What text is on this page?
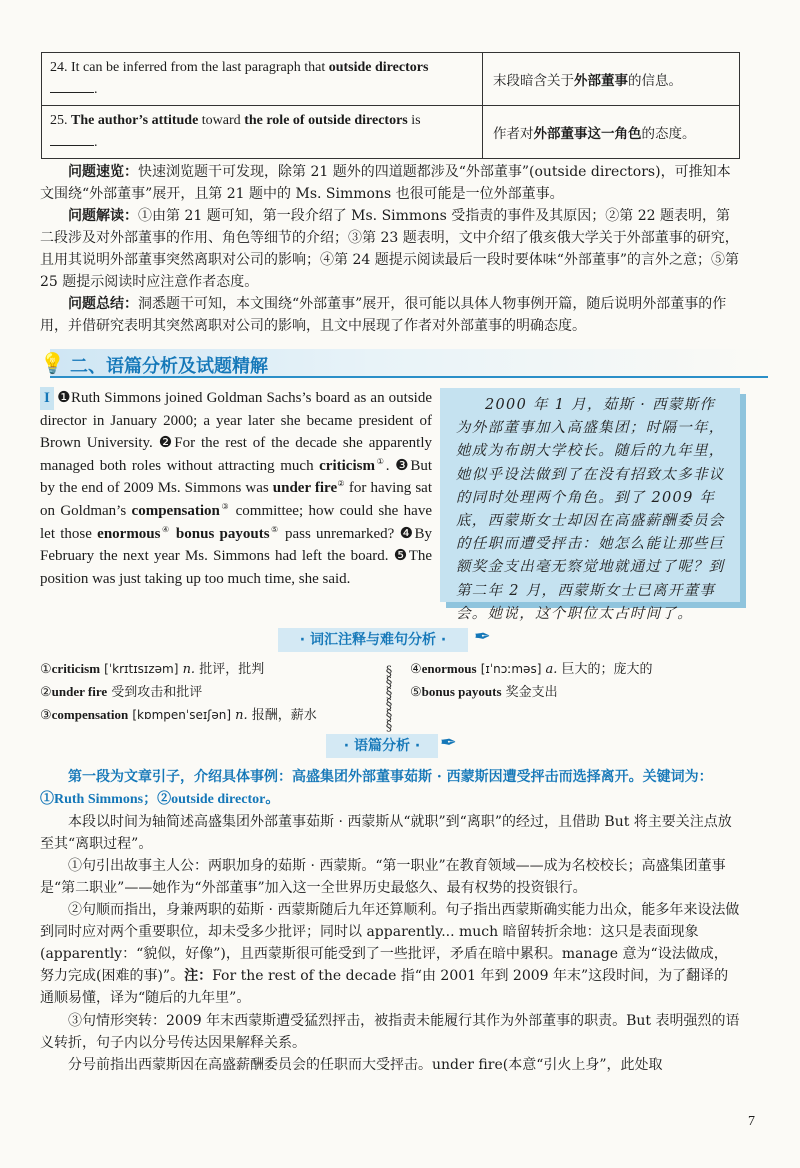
24. It can be inferred from the last paragraph that outside directors .	末段暗含关于外部董事的信息。
25. The author’s attitude toward the role of outside directors is
.	作者对外部董事这一角色的态度。

问题速览：快速浏览题干可发现，除第 21 题外的四道题都涉及“外部董事”(outside directors)，可推知本文围绕“外部董事”展开，且第 21 题中的 Ms. Simmons 也很可能是一位外部董事。

问题解读：①由第 21 题可知，第一段介绍了 Ms. Simmons 受指责的事件及其原因；②第 22 题表明，第二段涉及对外部董事的作用、角色等细节的介绍；③第 23 题表明，文中介绍了俄亥俄大学关于外部董事的研究，且用其说明外部董事突然离职对公司的影响；④第 24 题提示阅读最后一段时要体味“外部董事”的言外之意；⑤第 25 题提示阅读时应注意作者态度。

问题总结：洞悉题干可知，本文围绕“外部董事”展开，很可能以具体人物事例开篇，随后说明外部董事的作用，并借研究表明其突然离职对公司的影响，且文中展现了作者对外部董事的明确态度。

💡 二、语篇分析及试题精解

I ❶Ruth Simmons joined Goldman Sachs’s board as an outside director in January 2000; a year later she became president of Brown University. ❷For the rest of the decade she apparently managed both roles without attracting much criticism①. ❸But by the end of 2009 Ms. Simmons was under fire② for having sat on Goldman’s compensation③ committee; how could she have let those enormous④ bonus payouts⑤ pass unremarked? ❹By February the next year Ms. Simmons had left the board. ❺The position was just taking up too much time, she said.

2000 年 1 月，茹斯 · 西蒙斯作为外部董事加入高盛集团；时隔一年，她成为布朗大学校长。随后的九年里，她似乎设法做到了在没有招致太多非议的同时处理两个角色。到了 2009 年底，西蒙斯女士却因在高盛薪酬委员会的任职而遭受抨击：她怎么能让那些巨额奖金支出毫无察觉地就通过了呢？到第二年 2 月，西蒙斯女士已离开董事会。她说，这个职位太占时间了。

· 词汇注释与难句分析 ·	✒
①criticism [ˈkrɪtɪsɪzəm] n. 批评，批判
②under fire 受到攻击和批评
③compensation [kɒmpenˈseɪʃən] n. 报酬，薪水
§
§
§
§
§
§
④enormous [ɪˈnɔːməs] a. 巨大的；庞大的
⑤bonus payouts 奖金支出
· 语篇分析 · ✒

第一段为文章引子，介绍具体事例：高盛集团外部董事茹斯 · 西蒙斯因遭受抨击而选择离开。关键词为：①Ruth Simmons；②outside director。

本段以时间为轴简述高盛集团外部董事茹斯 · 西蒙斯从“就职”到“离职”的经过，且借助 But 将主要关注点放至其“离职过程”。

①句引出故事主人公：两职加身的茹斯 · 西蒙斯。“第一职业”在教育领域——成为名校校长；高盛集团董事是“第二职业”——她作为“外部董事”加入这一全世界历史最悠久、最有权势的投资银行。

②句顺而指出，身兼两职的茹斯 · 西蒙斯随后九年还算顺利。句子指出西蒙斯确实能力出众，能多年来设法做到同时应对两个重要职位，却未受多少批评；同时以 apparently... much 暗留转折余地：这只是表面现象(apparently：“貌似，好像”)，且西蒙斯很可能受到了一些批评，矛盾在暗中累积。manage 意为“设法做成，努力完成(困难的事)”。注：For the rest of the decade 指“由 2001 年到 2009 年末”这段时间，为了翻译的通顺易懂，译为“随后的九年里”。

③句情形突转：2009 年末西蒙斯遭受猛烈抨击，被指责未能履行其作为外部董事的职责。But 表明强烈的语义转折，句子内以分号传达因果解释关系。

分号前指出西蒙斯因在高盛薪酬委员会的任职而大受抨击。under fire(本意“引火上身”，此处取

7
